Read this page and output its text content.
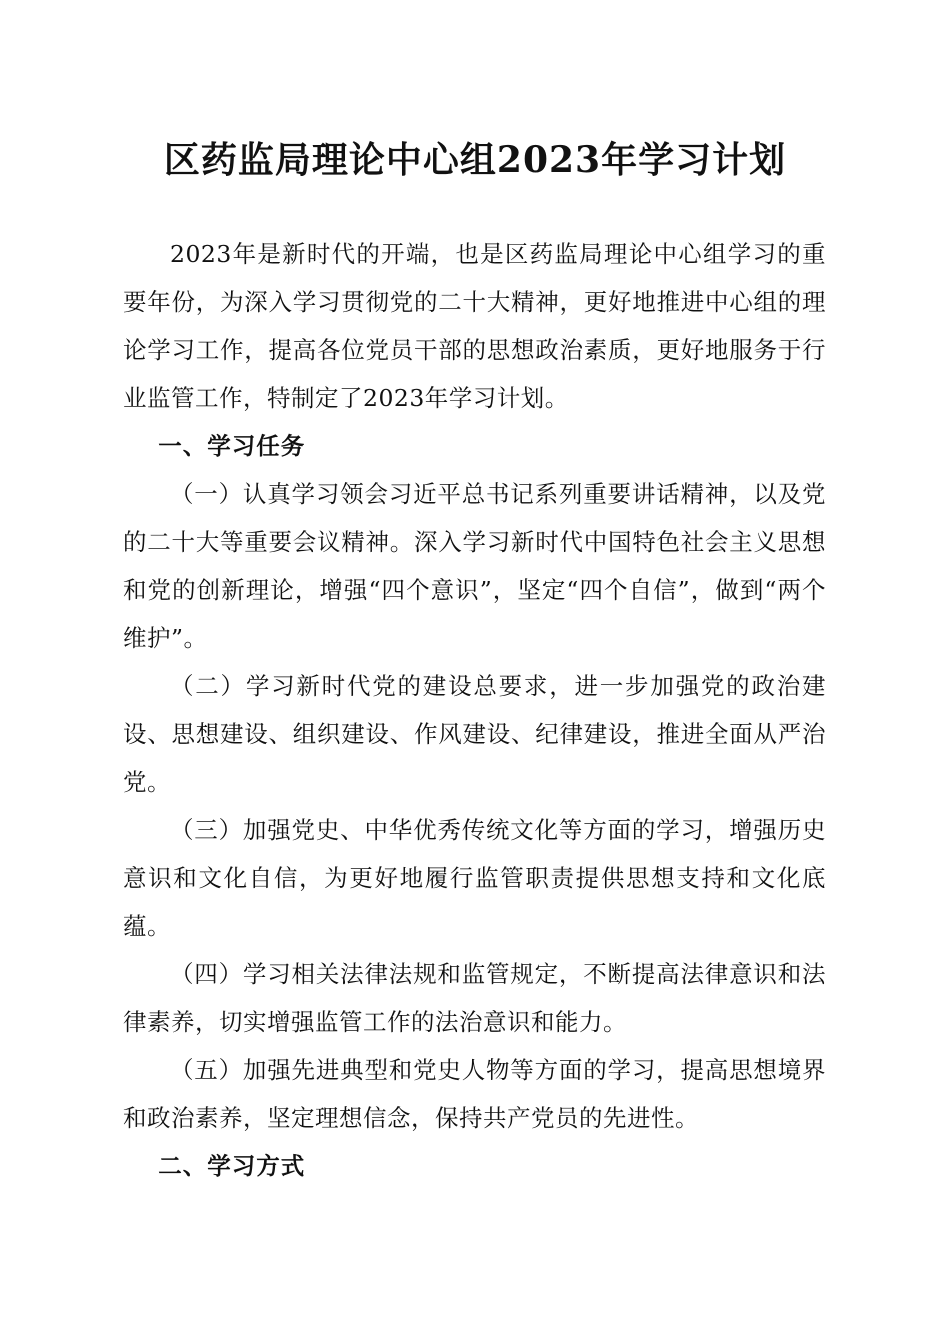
区药监局理论中心组2023年学习计划

2023年是新时代的开端，也是区药监局理论中心组学习的重要年份，为深入学习贯彻党的二十大精神，更好地推进中心组的理论学习工作，提高各位党员干部的思想政治素质，更好地服务于行业监管工作，特制定了2023年学习计划。

一、学习任务

（一）认真学习领会习近平总书记系列重要讲话精神，以及党的二十大等重要会议精神。深入学习新时代中国特色社会主义思想和党的创新理论，增强“四个意识”，坚定“四个自信”，做到“两个维护”。

（二）学习新时代党的建设总要求，进一步加强党的政治建设、思想建设、组织建设、作风建设、纪律建设，推进全面从严治党。

（三）加强党史、中华优秀传统文化等方面的学习，增强历史意识和文化自信，为更好地履行监管职责提供思想支持和文化底蕴。

（四）学习相关法律法规和监管规定，不断提高法律意识和法律素养，切实增强监管工作的法治意识和能力。

（五）加强先进典型和党史人物等方面的学习，提高思想境界和政治素养，坚定理想信念，保持共产党员的先进性。

二、学习方式
